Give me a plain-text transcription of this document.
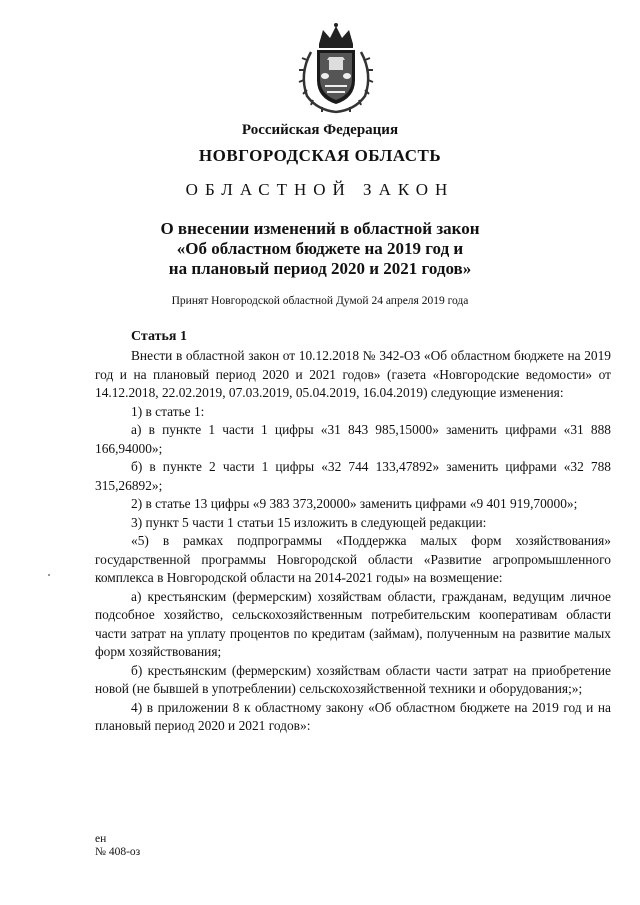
Российская Федерация
НОВГОРОДСКАЯ ОБЛАСТЬ
ОБЛАСТНОЙ ЗАКОН
О внесении изменений в областной закон
«Об областном бюджете на 2019 год и
на плановый период 2020 и 2021 годов»
Принят Новгородской областной Думой 24 апреля 2019 года
Статья 1

Внести в областной закон от 10.12.2018 № 342-ОЗ «Об областном бюджете на 2019 год и на плановый период 2020 и 2021 годов» (газета «Новгородские ведомости» от 14.12.2018, 22.02.2019, 07.03.2019, 05.04.2019, 16.04.2019) следующие изменения:

1) в статье 1:

а) в пункте 1 части 1 цифры «31 843 985,15000» заменить цифрами «31 888 166,94000»;

б) в пункте 2 части 1 цифры «32 744 133,47892» заменить цифрами «32 788 315,26892»;

2) в статье 13 цифры «9 383 373,20000» заменить цифрами «9 401 919,70000»;

3) пункт 5 части 1 статьи 15 изложить в следующей редакции:

«5) в рамках подпрограммы «Поддержка малых форм хозяйствования» государственной программы Новгородской области «Развитие агропромышленного комплекса в Новгородской области на 2014-2021 годы» на возмещение:

а) крестьянским (фермерским) хозяйствам области, гражданам, ведущим личное подсобное хозяйство, сельскохозяйственным потребительским кооперативам области части затрат на уплату процентов по кредитам (займам), полученным на развитие малых форм хозяйствования;

б) крестьянским (фермерским) хозяйствам области части затрат на приобретение новой (не бывшей в употреблении) сельскохозяйственной техники и оборудования;»;

4) в приложении 8 к областному закону «Об областном бюджете на 2019 год и на плановый период 2020 и 2021 годов»:

ен
№ 408-оз
